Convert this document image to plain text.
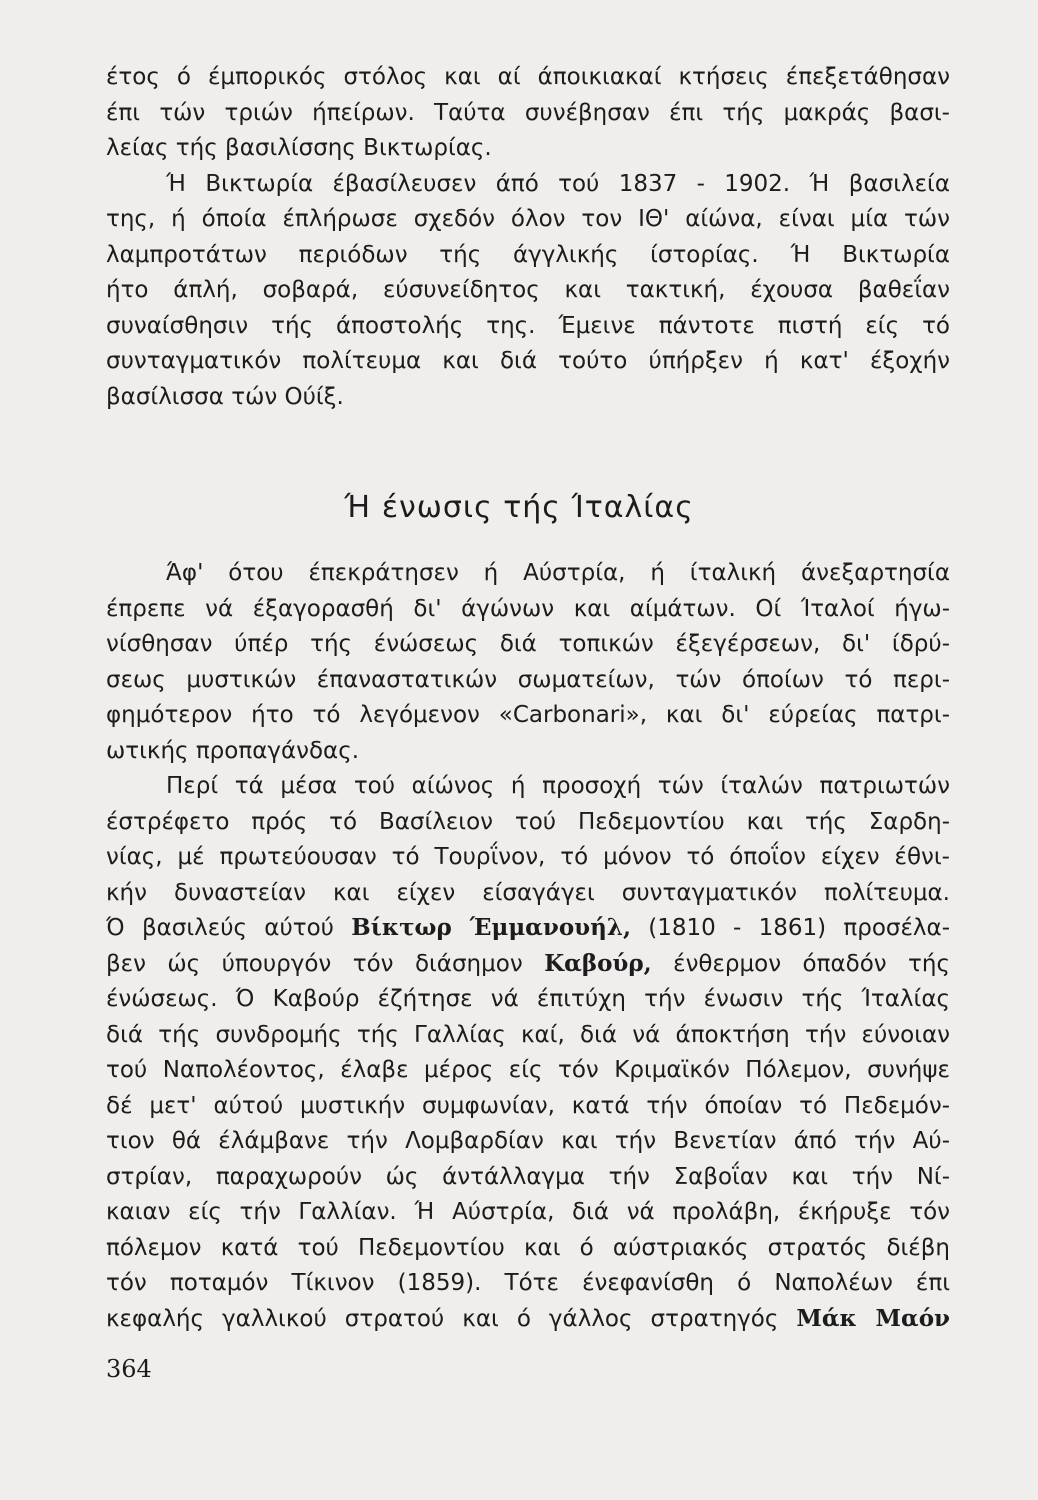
έτος ό έμπορικός στόλος και αί άποικιακαί κτήσεις έπεξετάθησαν
έπι τών τριών ήπείρων. Ταύτα συνέβησαν έπι τής μακράς βασι-
λείας τής βασιλίσσης Βικτωρίας.
Ή Βικτωρία έβασίλευσεν άπό τού 1837 - 1902. Ή βασιλεία
της, ή όποία έπλήρωσε σχεδόν όλον τον ΙΘ' αίώνα, είναι μία τών
λαμπροτάτων περιόδων τής άγγλικής ίστορίας. Ή Βικτωρία
ήτο άπλή, σοβαρά, εύσυνείδητος και τακτική, έχουσα βαθεΐαν
συναίσθησιν τής άποστολής της. Έμεινε πάντοτε πιστή είς τό
συνταγματικόν πολίτευμα και διά τούτο ύπήρξεν ή κατ' έξοχήν
βασίλισσα τών Ούίξ.
Ή ένωσις τής Ίταλίας
Άφ' ότου έπεκράτησεν ή Αύστρία, ή ίταλική άνεξαρτησία
έπρεπε νά έξαγορασθή δι' άγώνων και αίμάτων. Οί Ίταλοί ήγω-
νίσθησαν ύπέρ τής ένώσεως διά τοπικών έξεγέρσεων, δι' ίδρύ-
σεως μυστικών έπαναστατικών σωματείων, τών όποίων τό περι-
φημότερον ήτο τό λεγόμενον «Carbonari», και δι' εύρείας πατρι-
ωτικής προπαγάνδας.
Περί τά μέσα τού αίώνος ή προσοχή τών ίταλών πατριωτών
έστρέφετο πρός τό Βασίλειον τού Πεδεμοντίου και τής Σαρδη-
νίας, μέ πρωτεύουσαν τό Τουρΐνον, τό μόνον τό όποΐον είχεν έθνι-
κήν δυναστείαν και είχεν είσαγάγει συνταγματικόν πολίτευμα.
Ό βασιλεύς αύτού Βίκτωρ Έμμανουήλ, (1810 - 1861) προσέλα-
βεν ώς ύπουργόν τόν διάσημον Καβούρ, ένθερμον όπαδόν τής
ένώσεως. Ό Καβούρ έζήτησε νά έπιτύχη τήν ένωσιν τής Ίταλίας
διά τής συνδρομής τής Γαλλίας καί, διά νά άποκτήση τήν εύνοιαν
τού Ναπολέοντος, έλαβε μέρος είς τόν Κριμαϊκόν Πόλεμον, συνήψε
δέ μετ' αύτού μυστικήν συμφωνίαν, κατά τήν όποίαν τό Πεδεμόν-
τιον θά έλάμβανε τήν Λομβαρδίαν και τήν Βενετίαν άπό τήν Αύ-
στρίαν, παραχωρούν ώς άντάλλαγμα τήν Σαβοΐαν και τήν Νί-
καιαν είς τήν Γαλλίαν. Ή Αύστρία, διά νά προλάβη, έκήρυξε τόν
πόλεμον κατά τού Πεδεμοντίου και ό αύστριακός στρατός διέβη
τόν ποταμόν Τίκινον (1859). Τότε ένεφανίσθη ό Ναπολέων έπι
κεφαλής γαλλικού στρατού και ό γάλλος στρατηγός Μάκ Μαόν
364
